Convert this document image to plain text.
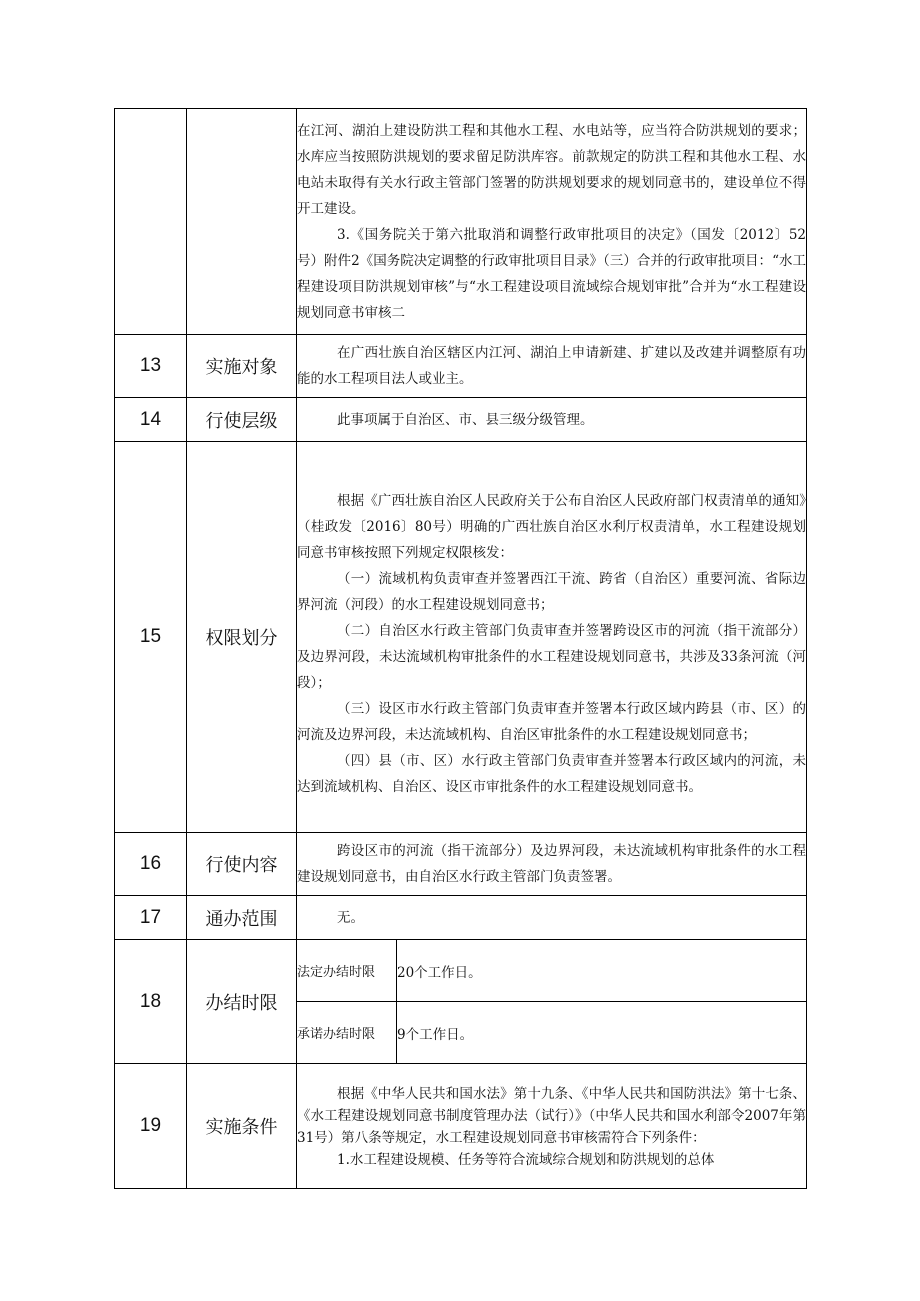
		在江河、湖泊上建设防洪工程和其他水工程、水电站等，应当符合防洪规划的要求；水库应当按照防洪规划的要求留足防洪库容。前款规定的防洪工程和其他水工程、水电站未取得有关水行政主管部门签署的防洪规划要求的规划同意书的，建设单位不得开工建设。

3.《国务院关于第六批取消和调整行政审批项目的决定》（国发〔2012〕52号）附件2《国务院决定调整的行政审批项目目录》（三）合并的行政审批项目：“水工程建设项目防洪规划审核”与“水工程建设项目流域综合规划审批”合并为“水工程建设规划同意书审核二	

13	实施对象	在广西壮族自治区辖区内江河、湖泊上申请新建、扩建以及改建并调整原有功能的水工程项目法人或业主。	

14	行使层级	此事项属于自治区、市、县三级分级管理。	

15	权限划分	根据《广西壮族自治区人民政府关于公布自治区人民政府部门权责清单的通知》（桂政发〔2016〕80号）明确的广西壮族自治区水利厅权责清单，水工程建设规划同意书审核按照下列规定权限核发：

（一）流域机构负责审查并签署西江干流、跨省（自治区）重要河流、省际边界河流（河段）的水工程建设规划同意书；

（二）自治区水行政主管部门负责审查并签署跨设区市的河流（指干流部分）及边界河段，未达流域机构审批条件的水工程建设规划同意书，共涉及33条河流（河段）；

（三）设区市水行政主管部门负责审查并签署本行政区域内跨县（市、区）的河流及边界河段，未达流域机构、自治区审批条件的水工程建设规划同意书；

（四）县（市、区）水行政主管部门负责审查并签署本行政区域内的河流，未达到流域机构、自治区、设区市审批条件的水工程建设规划同意书。	

16	行使内容	跨设区市的河流（指干流部分）及边界河段，未达流域机构审批条件的水工程建设规划同意书，由自治区水行政主管部门负责签署。	

17	通办范围	无。	

18	办结时限	法定办结时限	20个工作日。
		承诺办结时限	9个工作日。
19	实施条件	根据《中华人民共和国水法》第十九条、《中华人民共和国防洪法》第十七条、《水工程建设规划同意书制度管理办法（试行）》（中华人民共和国水利部令2007年第31号）第八条等规定，水工程建设规划同意书审核需符合下列条件：

1.水工程建设规模、任务等符合流域综合规划和防洪规划的总体	
